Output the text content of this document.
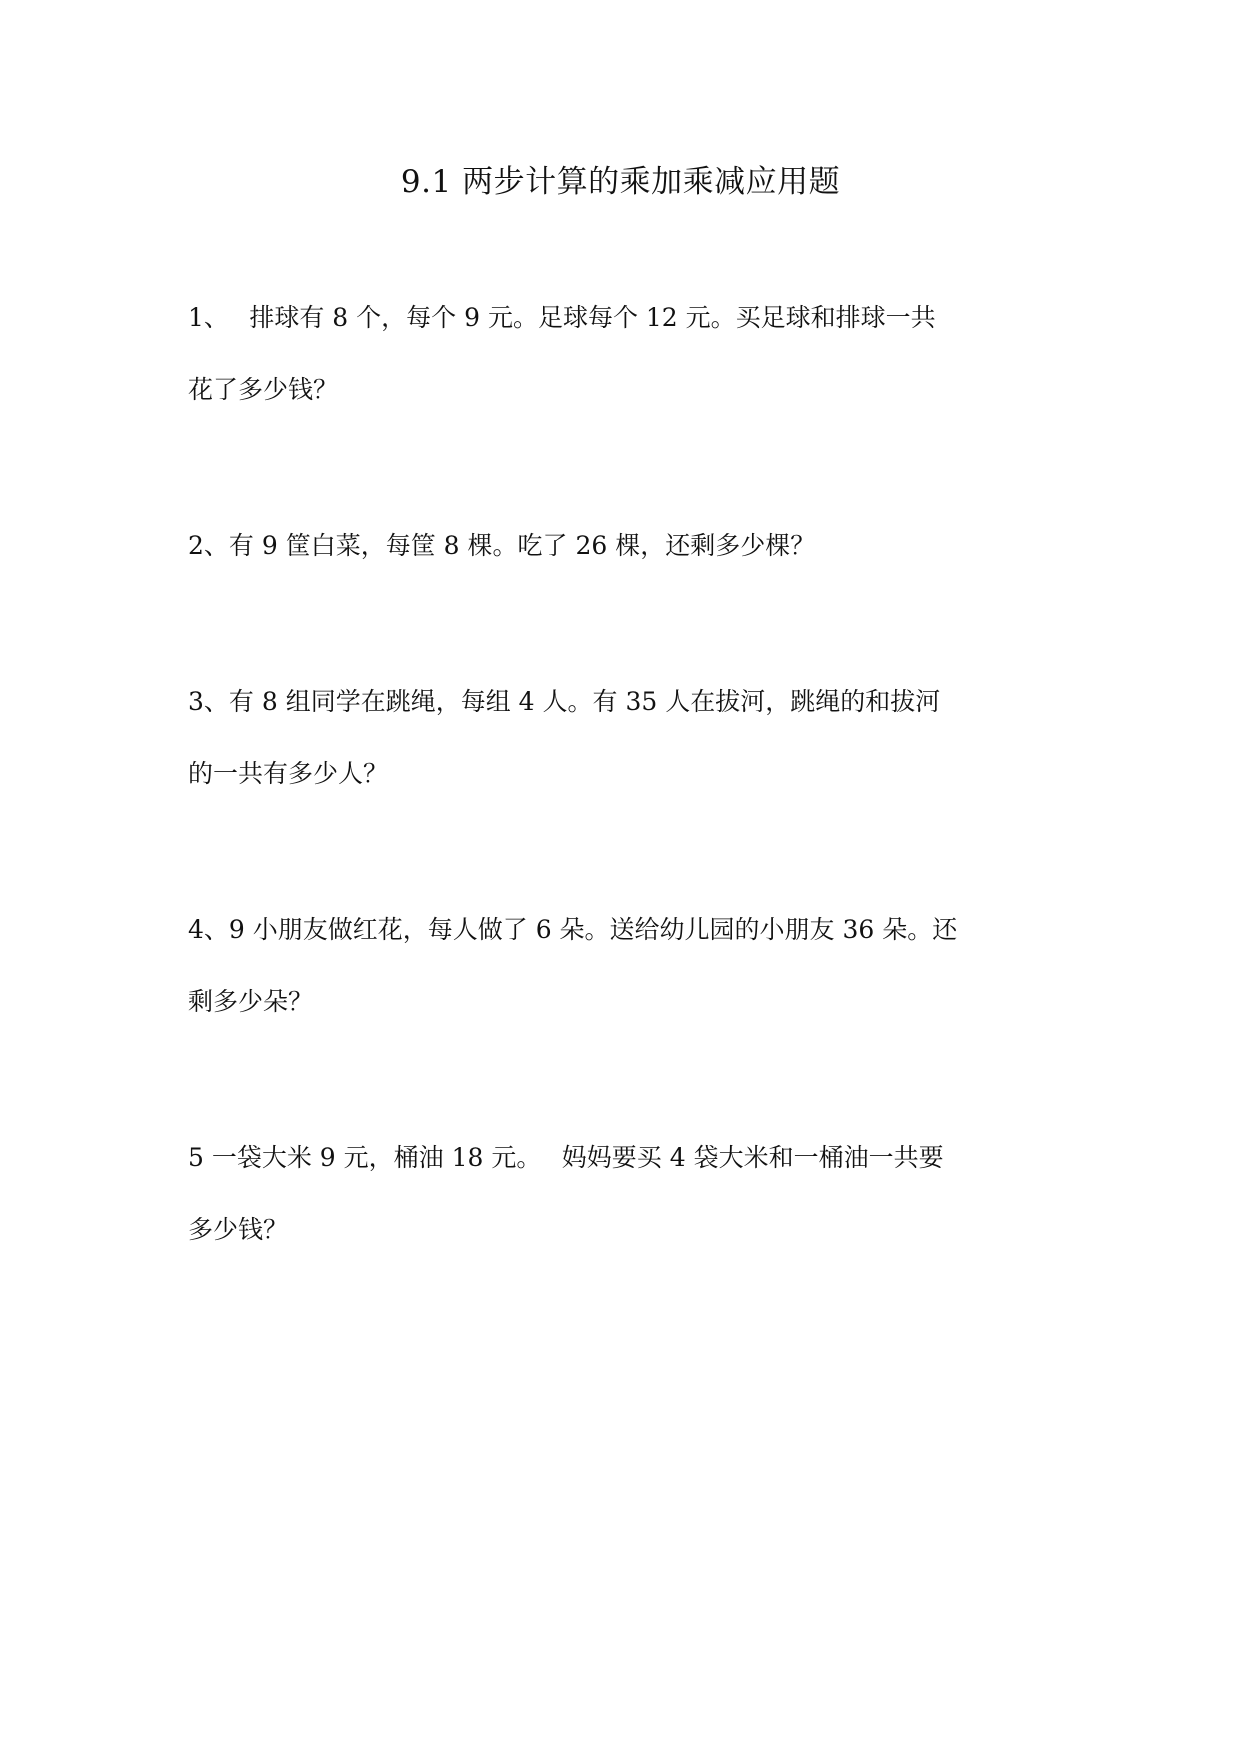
9.1 两步计算的乘加乘减应用题
1、　 排球有 8 个，每个 9 元。足球每个 12 元。买足球和排球一共
花了多少钱？
2、有 9 筐白菜，每筐 8 棵。吃了 26 棵，还剩多少棵？
3、有 8 组同学在跳绳，每组 4 人。有 35 人在拔河，跳绳的和拔河
的一共有多少人？
4、9 小朋友做红花，每人做了 6 朵。送给幼儿园的小朋友 36 朵。还
剩多少朵？
5 一袋大米 9 元，桶油 18 元。　 妈妈要买 4 袋大米和一桶油一共要
多少钱？
